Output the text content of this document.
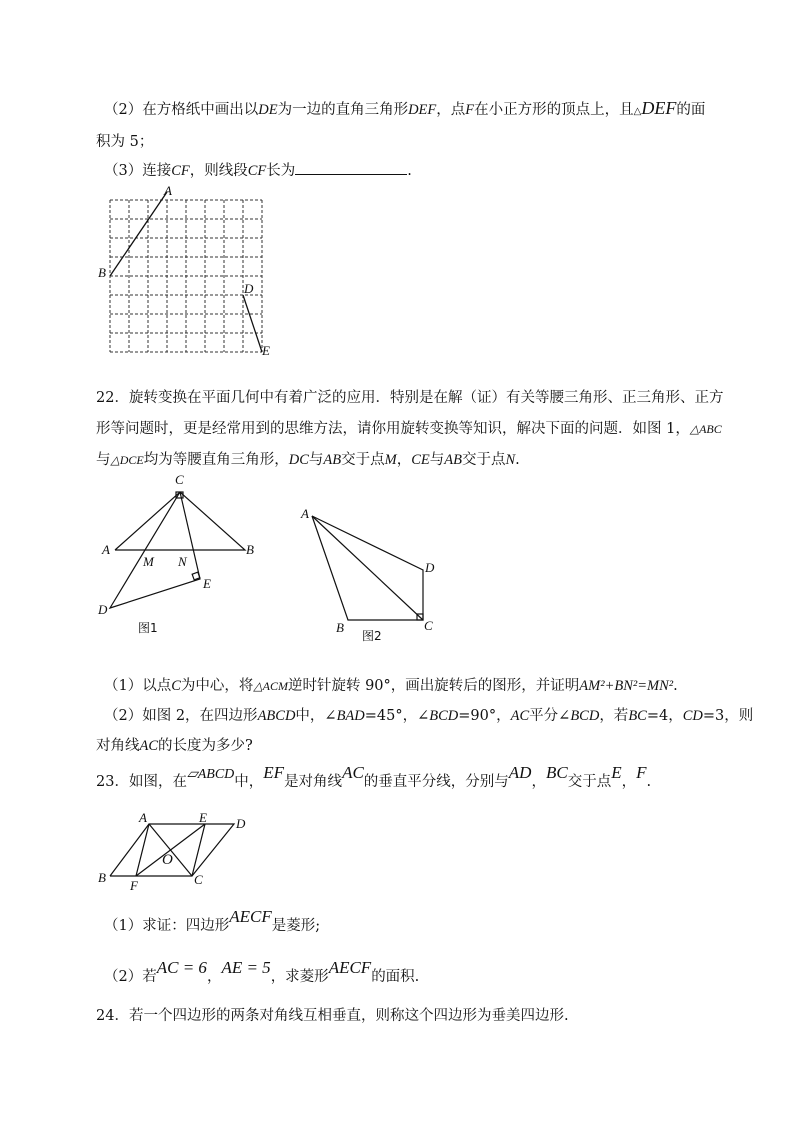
（2）在方格纸中画出以DE为一边的直角三角形DEF，点F在小正方形的顶点上，且△DEF的面
积为 5；
（3）连接CF，则线段CF长为	.
A
B
D
E
22．旋转变换在平面几何中有着广泛的应用．特别是在解（证）有关等腰三角形、正三角形、正方
形等问题时，更是经常用到的思维方法，请你用旋转变换等知识，解决下面的问题．如图 1，△ABC
与△DCE均为等腰直角三角形，DC与AB交于点M，CE与AB交于点N.
C
A	B
M N
D
E
图1
A
B	C
D
图2
（1）以点C为中心，将△ACM逆时针旋转 90°，画出旋转后的图形，并证明AM²+BN²=MN².
（2）如图 2，在四边形ABCD中，∠BAD=45°，∠BCD=90°，AC平分∠BCD，若BC=4，CD=3，则
对角线AC的长度为多少?
23．如图，在▱ABCD中，EF是对角线AC的垂直平分线，分别与AD，BC交于点E，F.
A	E D
O
B
F	C
（1）求证：四边形AECF是菱形;
（2）若AC = 6，AE = 5，求菱形AECF的面积.
24．若一个四边形的两条对角线互相垂直，则称这个四边形为垂美四边形.
